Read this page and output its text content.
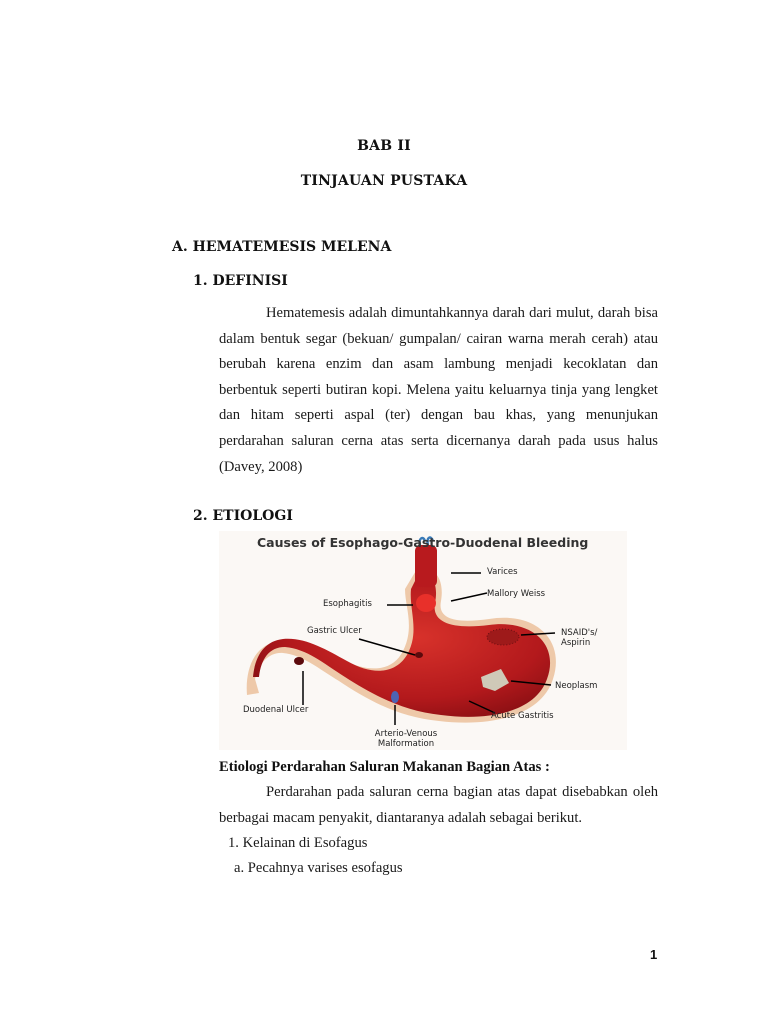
BAB II
TINJAUAN PUSTAKA
A. HEMATEMESIS MELENA
1. DEFINISI
Hematemesis adalah dimuntahkannya darah dari mulut, darah bisa dalam bentuk segar (bekuan/ gumpalan/ cairan warna merah cerah) atau berubah karena enzim dan asam lambung menjadi kecoklatan dan berbentuk seperti butiran kopi. Melena yaitu keluarnya tinja yang lengket dan hitam seperti aspal (ter) dengan bau khas, yang menunjukan perdarahan saluran cerna atas serta dicernanya darah pada usus halus (Davey, 2008)
2. ETIOLOGI
Causes of Esophago-Gastro-Duodenal Bleeding
Varices
Mallory Weiss
Esophagitis
Gastric Ulcer	NSAID's/
Aspirin
Neoplasm
Duodenal Ulcer
Acute Gastritis
Arterio-Venous
Malformation
Etiologi Perdarahan Saluran Makanan Bagian Atas :
Perdarahan pada saluran cerna bagian atas dapat disebabkan oleh berbagai macam penyakit, diantaranya adalah sebagai berikut.
1. Kelainan di Esofagus
a. Pecahnya varises esofagus
1
